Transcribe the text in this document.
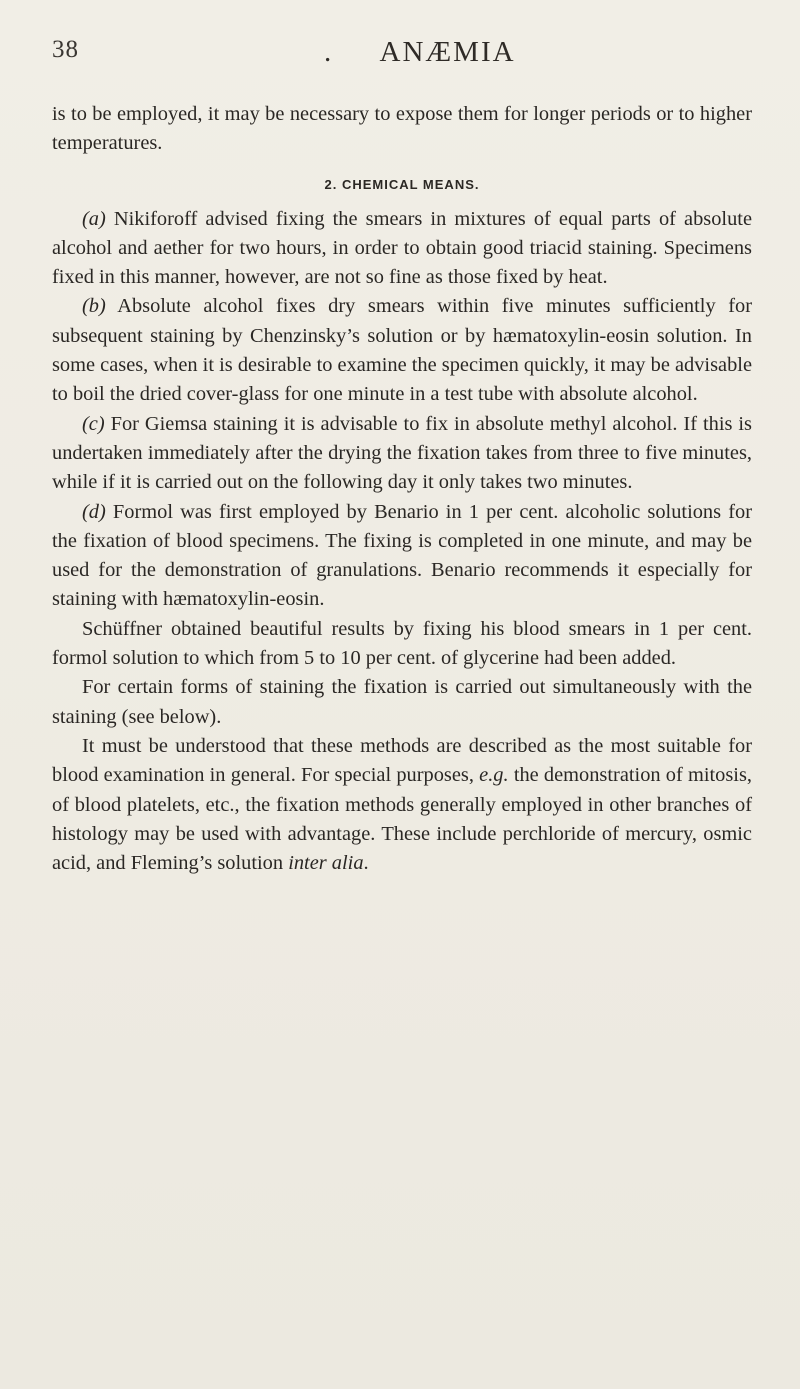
38	. ANÆMIA

is to be employed, it may be necessary to expose them for longer periods or to higher temperatures.

2. CHEMICAL MEANS.

(a) Nikiforoff advised fixing the smears in mixtures of equal parts of absolute alcohol and aether for two hours, in order to obtain good triacid staining. Specimens fixed in this manner, however, are not so fine as those fixed by heat.

(b) Absolute alcohol fixes dry smears within five minutes sufficiently for subsequent staining by Chenzinsky’s solution or by hæmatoxylin-eosin solution. In some cases, when it is desirable to examine the specimen quickly, it may be advisable to boil the dried cover-glass for one minute in a test tube with absolute alcohol.

(c) For Giemsa staining it is advisable to fix in absolute methyl alcohol. If this is undertaken immediately after the drying the fixation takes from three to five minutes, while if it is carried out on the following day it only takes two minutes.

(d) Formol was first employed by Benario in 1 per cent. alcoholic solutions for the fixation of blood specimens. The fixing is completed in one minute, and may be used for the demonstration of granulations. Benario recommends it especially for staining with hæmatoxylin-eosin.

Schüffner obtained beautiful results by fixing his blood smears in 1 per cent. formol solution to which from 5 to 10 per cent. of glycerine had been added.

For certain forms of staining the fixation is carried out simultaneously with the staining (see below).

It must be understood that these methods are described as the most suitable for blood examination in general. For special purposes, e.g. the demonstration of mitosis, of blood platelets, etc., the fixation methods generally employed in other branches of histology may be used with advantage. These include perchloride of mercury, osmic acid, and Fleming’s solution inter alia.
